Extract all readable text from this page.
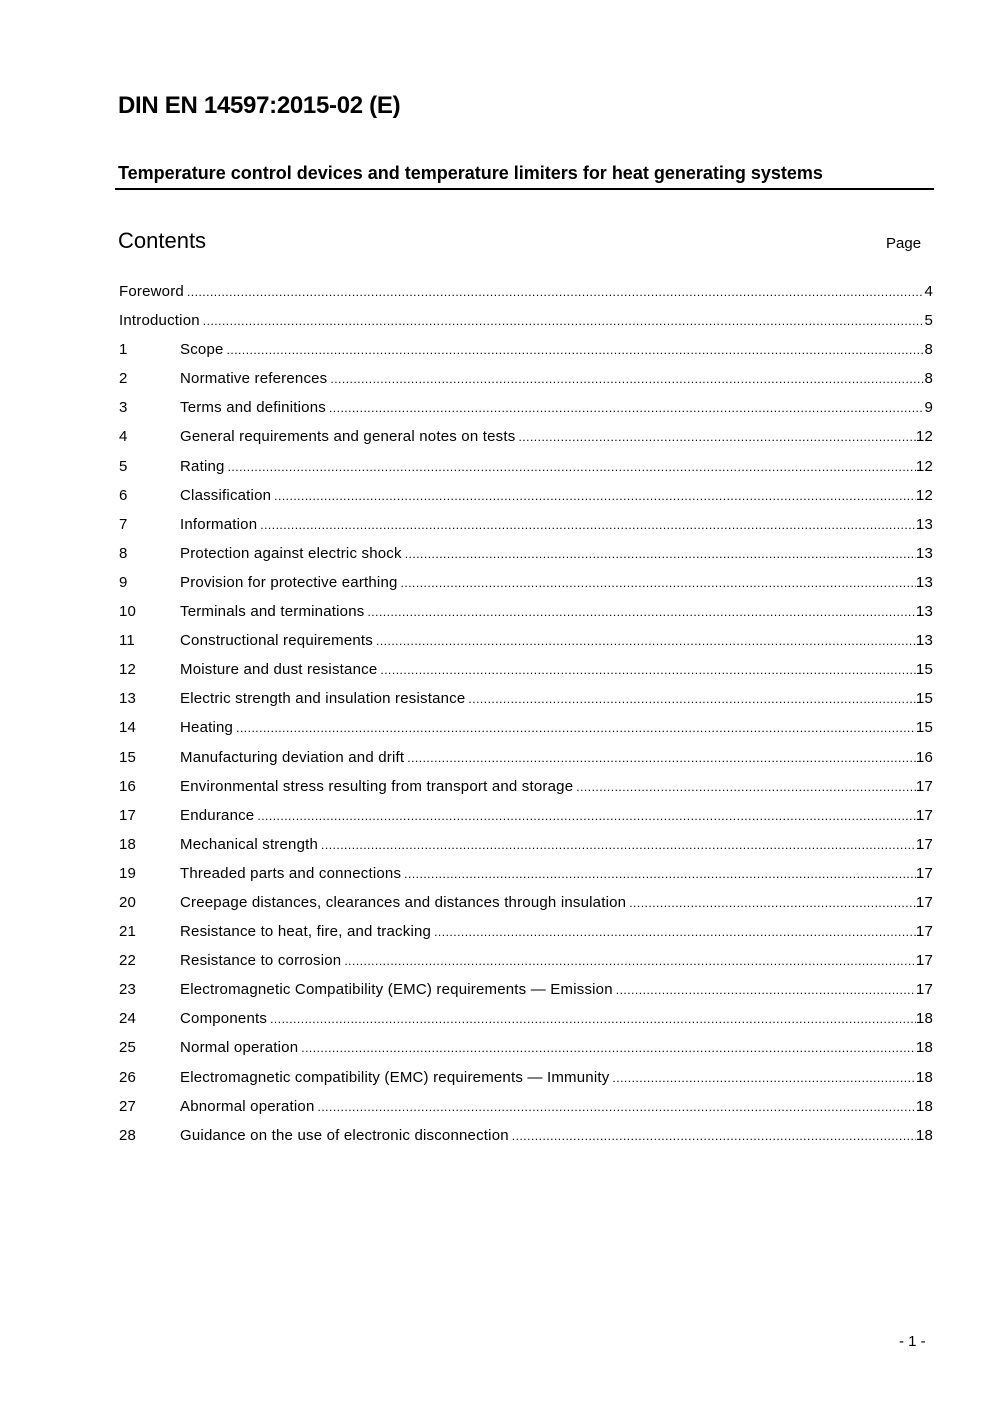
DIN EN 14597:2015-02 (E)
Temperature control devices and temperature limiters for heat generating systems
Contents	Page
Foreword .....	4
Introduction .....	5
1	Scope .....	8
2	Normative references .....	8
3	Terms and definitions .....	9
4	General requirements and general notes on tests .....	12
5	Rating .....	12
6	Classification .....	12
7	Information .....	13
8	Protection against electric shock .....	13
9	Provision for protective earthing .....	13
10	Terminals and terminations .....	13
11	Constructional requirements .....	13
12	Moisture and dust resistance .....	15
13	Electric strength and insulation resistance .....	15
14	Heating .....	15
15	Manufacturing deviation and drift .....	16
16	Environmental stress resulting from transport and storage .....	17
17	Endurance .....	17
18	Mechanical strength .....	17
19	Threaded parts and connections .....	17
20	Creepage distances, clearances and distances through insulation .....	17
21	Resistance to heat, fire, and tracking .....	17
22	Resistance to corrosion .....	17
23	Electromagnetic Compatibility (EMC) requirements — Emission .....	17
24	Components .....	18
25	Normal operation .....	18
26	Electromagnetic compatibility (EMC) requirements — Immunity .....	18
27	Abnormal operation .....	18
28	Guidance on the use of electronic disconnection .....	18
- 1 -
